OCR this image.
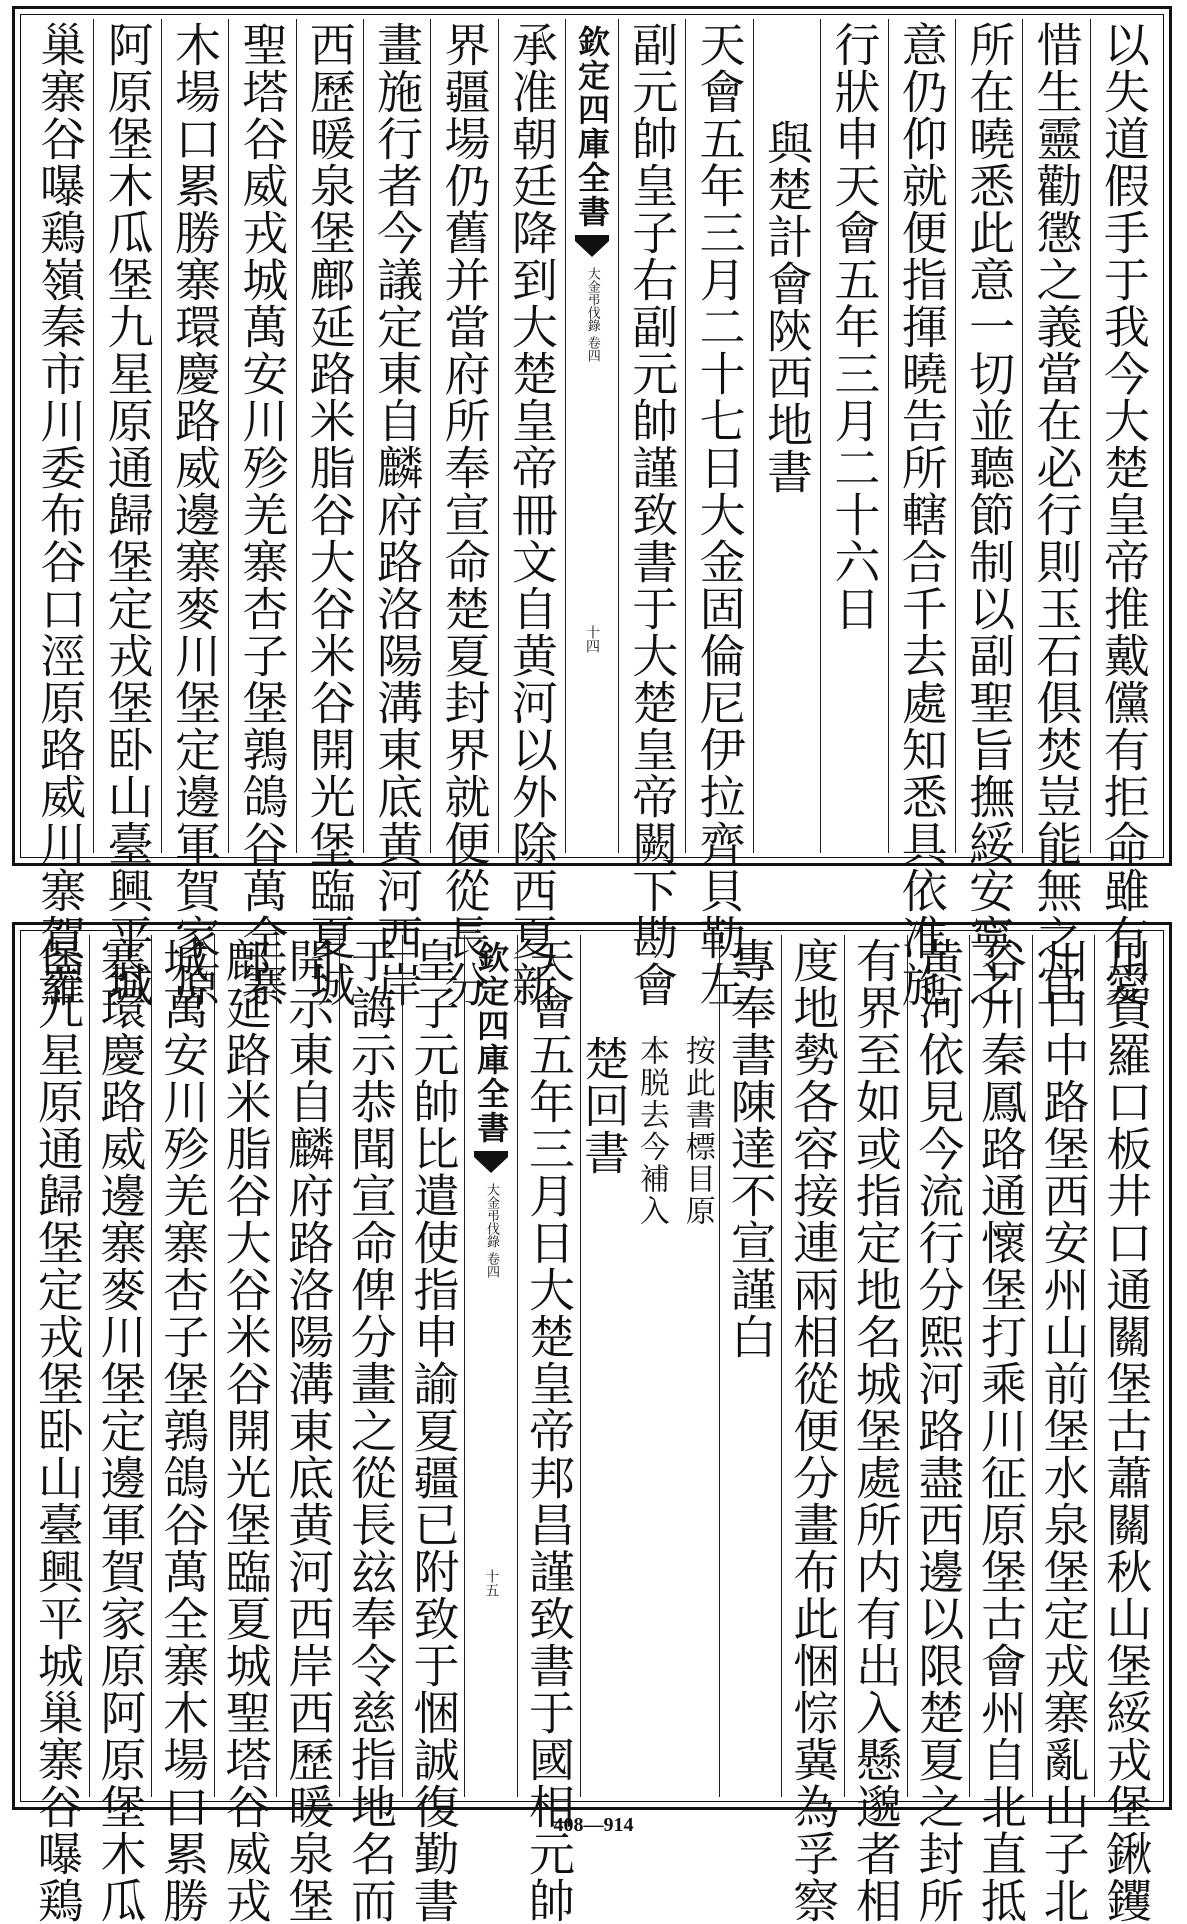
以失道假手于我今大楚皇帝推戴儻有拒命雖有愛
惜生靈勸懲之義當在必行則玉石俱焚豈能無之宜
所在曉悉此意一切並聽節制以副聖旨撫綏安寧之
意仍仰就便指揮曉告所轄合千去處知悉具依准施
行狀申天會五年三月二十六日
與楚計會陝西地書
天會五年三月二十七日大金固倫尼伊拉齊貝勒左
副元帥皇子右副元帥謹致書于大楚皇帝闕下勘會
欽定四庫全書
大金弔伐錄 卷四
十四
承准朝廷降到大楚皇帝冊文自黄河以外除西夏新
界疆場仍舊并當府所奉宣命楚夏封界就便從長分
畫施行者今議定東自麟府路洛陽溝東底黄河西岸
西歷暖泉堡鄜延路米脂谷大谷米谷開光堡臨夏城
聖塔谷威戎城萬安川殄羌寨杏子堡鶉鴿谷萬全寨
木場口累勝寨環慶路威邊寨麥川堡定邊軍賀家原
阿原堡木瓜堡九星原通歸堡定戎堡卧山臺興平城
巢寨谷嚗鶏嶺秦市川委布谷口涇原路威川寨賀羅
川賀羅口板井口通關堡古蕭關秋山堡綏戎堡鍬钁
川口中路堡西安州山前堡水泉堡定戎寨亂山子北
谷川秦鳳路通懷堡打乘川征原堡古會州自北直抵
黄河依見今流行分熙河路盡西邊以限楚夏之封所
有界至如或指定地名城堡處所内有出入懸邈者相
度地勢各容接連兩相從便分畫布此悃悰冀為孚察
專奉書陳達不宣謹白
楚回書 按此書標目原
本脱去今補入
天會五年三月日大楚皇帝邦昌謹致書于國相元帥
欽定四庫全書
大金弔伐錄 卷四
十五
皇子元帥比遣使指申諭夏疆已附致于悃誠復勤書
于誨示恭聞宣命俾分畫之從長玆奉令慈指地名而
開示東自麟府路洛陽溝東底黄河西岸西歷暖泉堡
鄜延路米脂谷大谷米谷開光堡臨夏城聖塔谷威戎
城萬安川殄羌寨杏子堡鶉鴿谷萬全寨木場口累勝
寨環慶路威邊寨麥川堡定邊軍賀家原阿原堡木瓜
堡九星原通歸堡定戎堡卧山臺興平城巢寨谷嚗鶏	408—914
